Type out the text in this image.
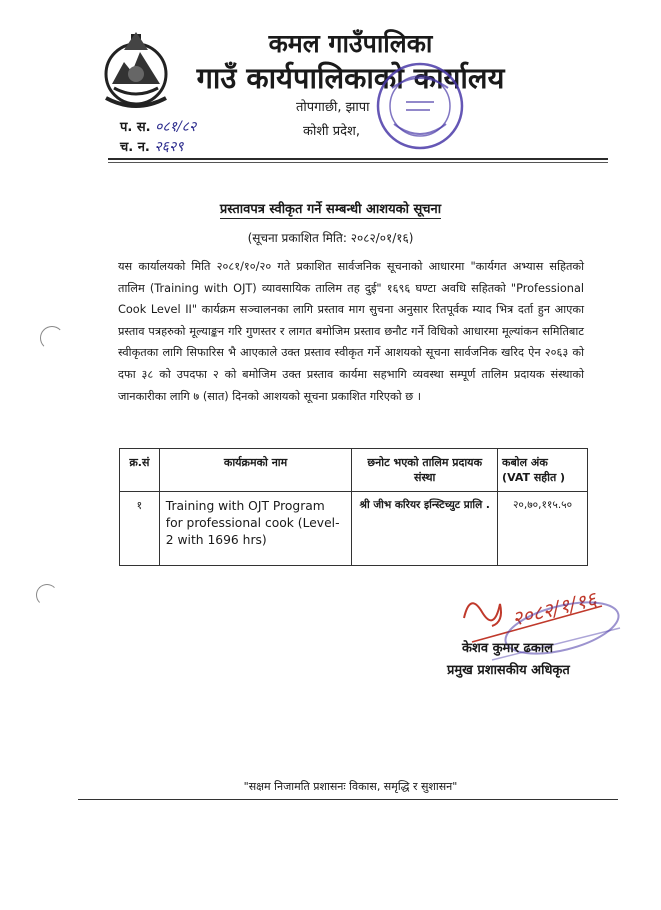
कमल गाउँपालिका
गाउँ कार्यपालिकाको कार्यालय
तोपगाछी, झापा
कोशी प्रदेश,
प. स. ०८१/८२
च. न. २६२९
प्रस्तावपत्र स्वीकृत गर्ने सम्बन्धी आशयको सूचना
(सूचना प्रकाशित मिति: २०८२/०१/१६)
यस कार्यालयको मिति २०८१/१०/२० गते प्रकाशित सार्वजनिक सूचनाको आधारमा "कार्यगत अभ्यास सहितको तालिम (Training with OJT) व्यावसायिक तालिम तह दुई" १६९६ घण्टा अवधि सहितको "Professional Cook Level II" कार्यक्रम सञ्चालनका लागि प्रस्ताव माग सुचना अनुसार रितपूर्वक म्याद भित्र दर्ता हुन आएका प्रस्ताव पत्रहरुको मूल्याङ्कन गरि गुणस्तर र लागत बमोजिम प्रस्ताव छनौट गर्ने विधिको आधारमा मूल्यांकन समितिबाट स्वीकृतका लागि सिफारिस भै आएकाले उक्त प्रस्ताव स्वीकृत गर्ने आशयको सूचना सार्वजनिक खरिद ऐन २०६३ को दफा ३८ को उपदफा २ को बमोजिम उक्त प्रस्ताव कार्यमा सहभागि व्यवस्था सम्पूर्ण तालिम प्रदायक संस्थाको जानकारीका लागि ७ (सात) दिनको आशयको सूचना प्रकाशित गरिएको छ ।
क्र.सं	कार्यक्रमको नाम	छनोट भएको तालिम प्रदायक संस्था	कबोल अंक
(VAT सहीत )

१	Training with OJT Program for professional cook (Level-2 with 1696 hrs)	श्री जीभ करियर इन्स्टिच्युट प्रालि .	२०,७०,११५.५०
२०८२/१/१६
केशव कुमार ढकाल
प्रमुख प्रशासकीय अधिकृत
"सक्षम निजामति प्रशासनः विकास, समृद्धि र सुशासन"
